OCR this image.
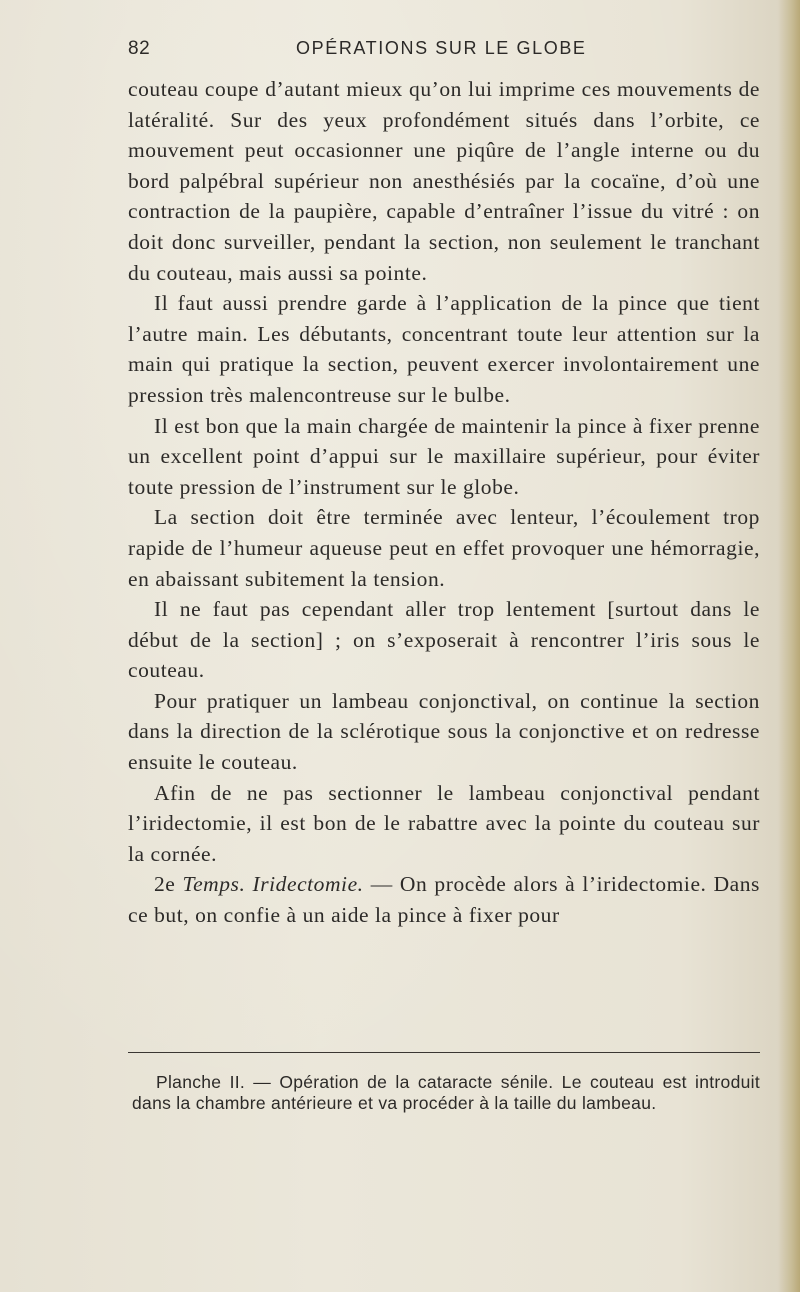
82	OPÉRATIONS SUR LE GLOBE

couteau coupe d’autant mieux qu’on lui imprime ces mouvements de latéralité. Sur des yeux profondément situés dans l’orbite, ce mouvement peut occasionner une piqûre de l’angle interne ou du bord palpébral supérieur non anesthésiés par la cocaïne, d’où une contraction de la paupière, capable d’entraîner l’issue du vitré : on doit donc surveiller, pendant la section, non seulement le tranchant du couteau, mais aussi sa pointe.

Il faut aussi prendre garde à l’application de la pince que tient l’autre main. Les débutants, concentrant toute leur attention sur la main qui pratique la section, peuvent exercer involontairement une pression très malencontreuse sur le bulbe.

Il est bon que la main chargée de maintenir la pince à fixer prenne un excellent point d’appui sur le maxillaire supérieur, pour éviter toute pression de l’instrument sur le globe.

La section doit être terminée avec lenteur, l’écoulement trop rapide de l’humeur aqueuse peut en effet provoquer une hémorragie, en abaissant subitement la tension.

Il ne faut pas cependant aller trop lentement [surtout dans le début de la section] ; on s’exposerait à rencontrer l’iris sous le couteau.

Pour pratiquer un lambeau conjonctival, on continue la section dans la direction de la sclérotique sous la conjonctive et on redresse ensuite le couteau.

Afin de ne pas sectionner le lambeau conjonctival pendant l’iridectomie, il est bon de le rabattre avec la pointe du couteau sur la cornée.

2e Temps. Iridectomie. — On procède alors à l’iridectomie. Dans ce but, on confie à un aide la pince à fixer pour

Planche II. — Opération de la cataracte sénile. Le couteau est introduit dans la chambre antérieure et va procéder à la taille du lambeau.
